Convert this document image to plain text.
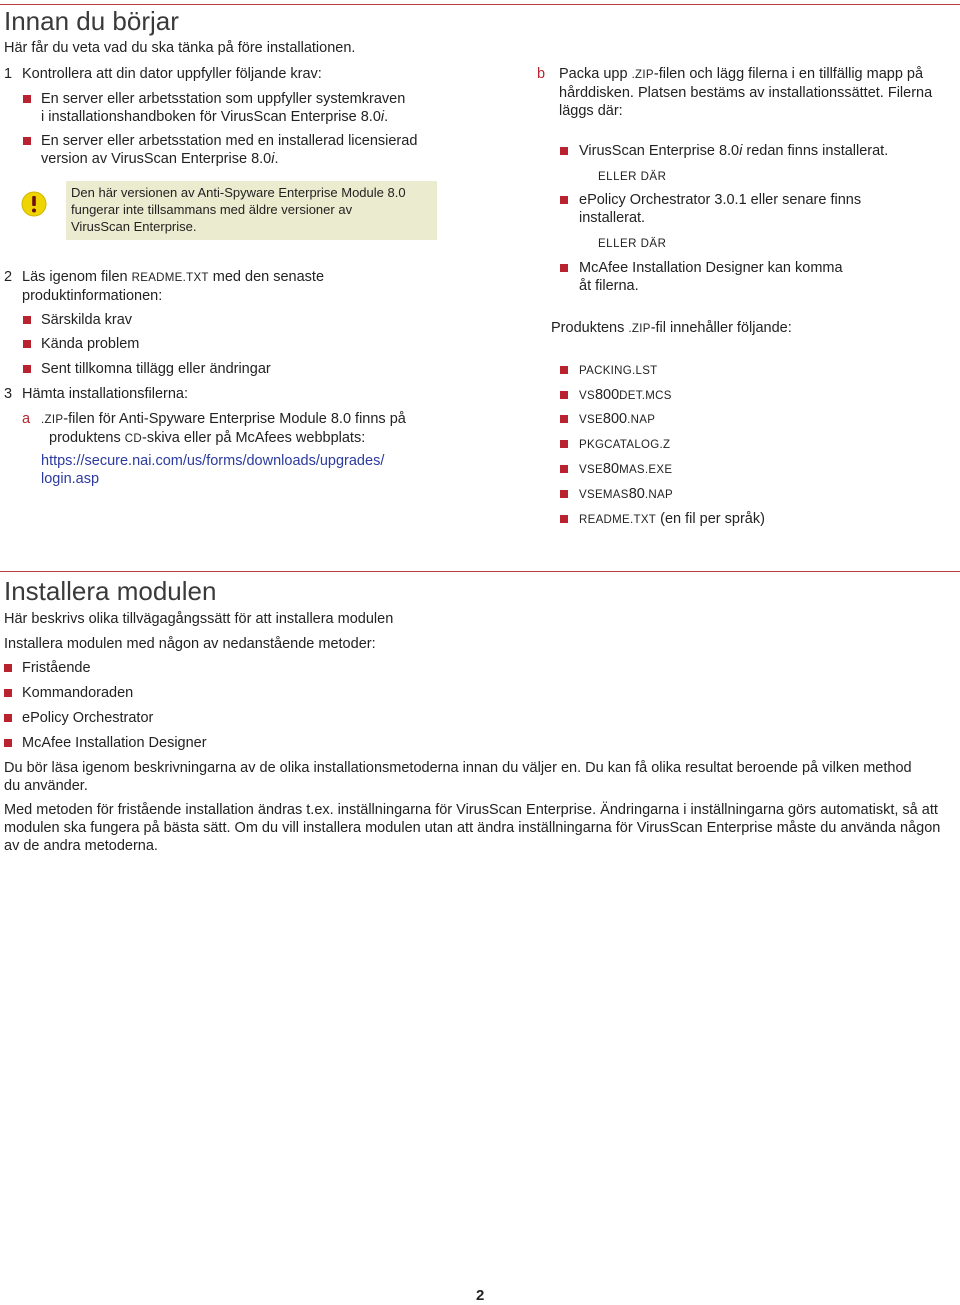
Innan du börjar
Här får du veta vad du ska tänka på före installationen.
1 Kontrollera att din dator uppfyller följande krav:
En server eller arbetsstation som uppfyller systemkraven
i installationshandboken för VirusScan Enterprise 8.0i.
En server eller arbetsstation med en installerad licensierad
version av VirusScan Enterprise 8.0i.
Den här versionen av Anti-Spyware Enterprise Module 8.0
fungerar inte tillsammans med äldre versioner av
VirusScan Enterprise.
2 Läs igenom filen README.TXT med den senaste
produktinformationen:
Särskilda krav
Kända problem
Sent tillkomna tillägg eller ändringar
3 Hämta installationsfilerna:
a .ZIP-filen för Anti-Spyware Enterprise Module 8.0 finns på
produktens CD-skiva eller på McAfees webbplats:
https://secure.nai.com/us/forms/downloads/upgrades/
login.asp
b Packa upp .ZIP-filen och lägg filerna i en tillfällig mapp på
hårddisken. Platsen bestäms av installationssättet. Filerna
läggs där:
VirusScan Enterprise 8.0i redan finns installerat.
ELLER DÄR
ePolicy Orchestrator 3.0.1 eller senare finns
installerat.
ELLER DÄR
McAfee Installation Designer kan komma
åt filerna.
Produktens .ZIP-fil innehåller följande:
PACKING.LST
VS800DET.MCS
VSE800.NAP
PKGCATALOG.Z
VSE80MAS.EXE
VSEMAS80.NAP
README.TXT (en fil per språk)
Installera modulen
Här beskrivs olika tillvägagångssätt för att installera modulen
Installera modulen med någon av nedanstående metoder:
Fristående
Kommandoraden
ePolicy Orchestrator
McAfee Installation Designer
Du bör läsa igenom beskrivningarna av de olika installationsmetoderna innan du väljer en. Du kan få olika resultat beroende på vilken method
du använder.
Med metoden för fristående installation ändras t.ex. inställningarna för VirusScan Enterprise. Ändringarna i inställningarna görs automatiskt, så att
modulen ska fungera på bästa sätt. Om du vill installera modulen utan att ändra inställningarna för VirusScan Enterprise måste du använda någon
av de andra metoderna.
2
